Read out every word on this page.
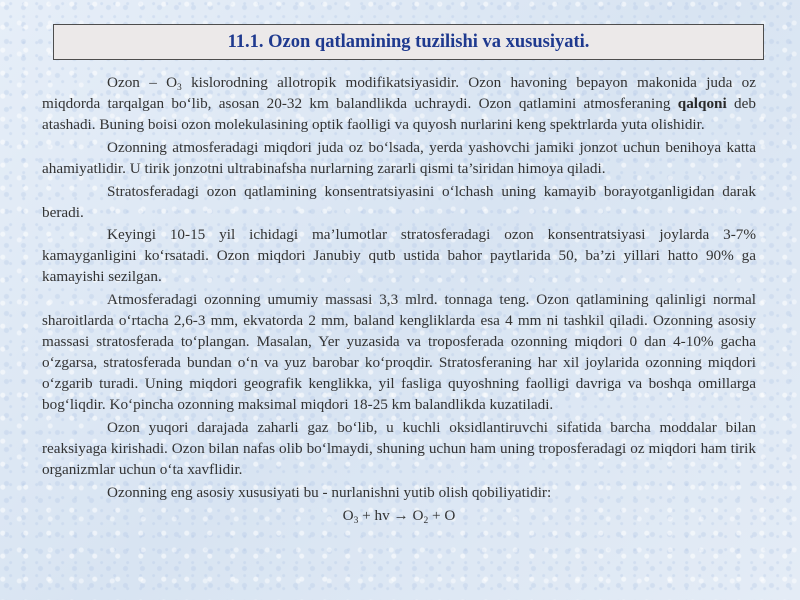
11.1. Ozon qatlamining tuzilishi va xususiyati.

Ozon – $O_3$ kislorodning allotropik modifikatsiyasidir. Ozon havoning bepayon makonida juda oz miqdorda tarqalgan bo‘lib, asosan 20-32 km balandlikda uchraydi. Ozon qatlamini atmosferaning qalqoni deb atashadi. Buning boisi ozon molekulasining optik faolligi va quyosh nurlarini keng spektrlarda yuta olishidir.

Ozonning atmosferadagi miqdori juda oz bo‘lsada, yerda yashovchi jamiki jonzot uchun benihoya katta ahamiyatlidir. U tirik jonzotni ultrabinafsha nurlarning zararli qismi ta’siridan himoya qiladi.

Stratosferadagi ozon qatlamining konsentratsiyasini o‘lchash uning kamayib borayotganligidan darak beradi.

Keyingi 10-15 yil ichidagi ma’lumotlar stratosferadagi ozon konsentratsiyasi joylarda 3-7% kamayganligini ko‘rsatadi. Ozon miqdori Janubiy qutb ustida bahor paytlarida 50, ba’zi yillari hatto 90% ga kamayishi sezilgan.

Atmosferadagi ozonning umumiy massasi 3,3 mlrd. tonnaga teng. Ozon qatlamining qalinligi normal sharoitlarda o‘rtacha 2,6-3 mm, ekvatorda 2 mm, baland kengliklarda esa 4 mm ni tashkil qiladi. Ozonning asosiy massasi stratosferada to‘plangan. Masalan, Yer yuzasida va troposferada ozonning miqdori 0 dan 4-10% gacha o‘zgarsa, stratosferada bundan o‘n va yuz barobar ko‘proqdir. Stratosferaning har xil joylarida ozonning miqdori o‘zgarib turadi. Uning miqdori geografik kenglikka, yil fasliga quyoshning faolligi davriga va boshqa omillarga bog‘liqdir. Ko‘pincha ozonning maksimal miqdori 18-25 km balandlikda kuzatiladi.

Ozon yuqori darajada zaharli gaz bo‘lib, u kuchli oksidlantiruvchi sifatida barcha moddalar bilan reaksiyaga kirishadi. Ozon bilan nafas olib bo‘lmaydi, shuning uchun ham uning troposferadagi oz miqdori ham tirik organizmlar uchun o‘ta xavflidir.

Ozonning eng asosiy xususiyati bu - nurlanishni yutib olish qobiliyatidir:

$O_3$ + hv → $O_2 + O$
